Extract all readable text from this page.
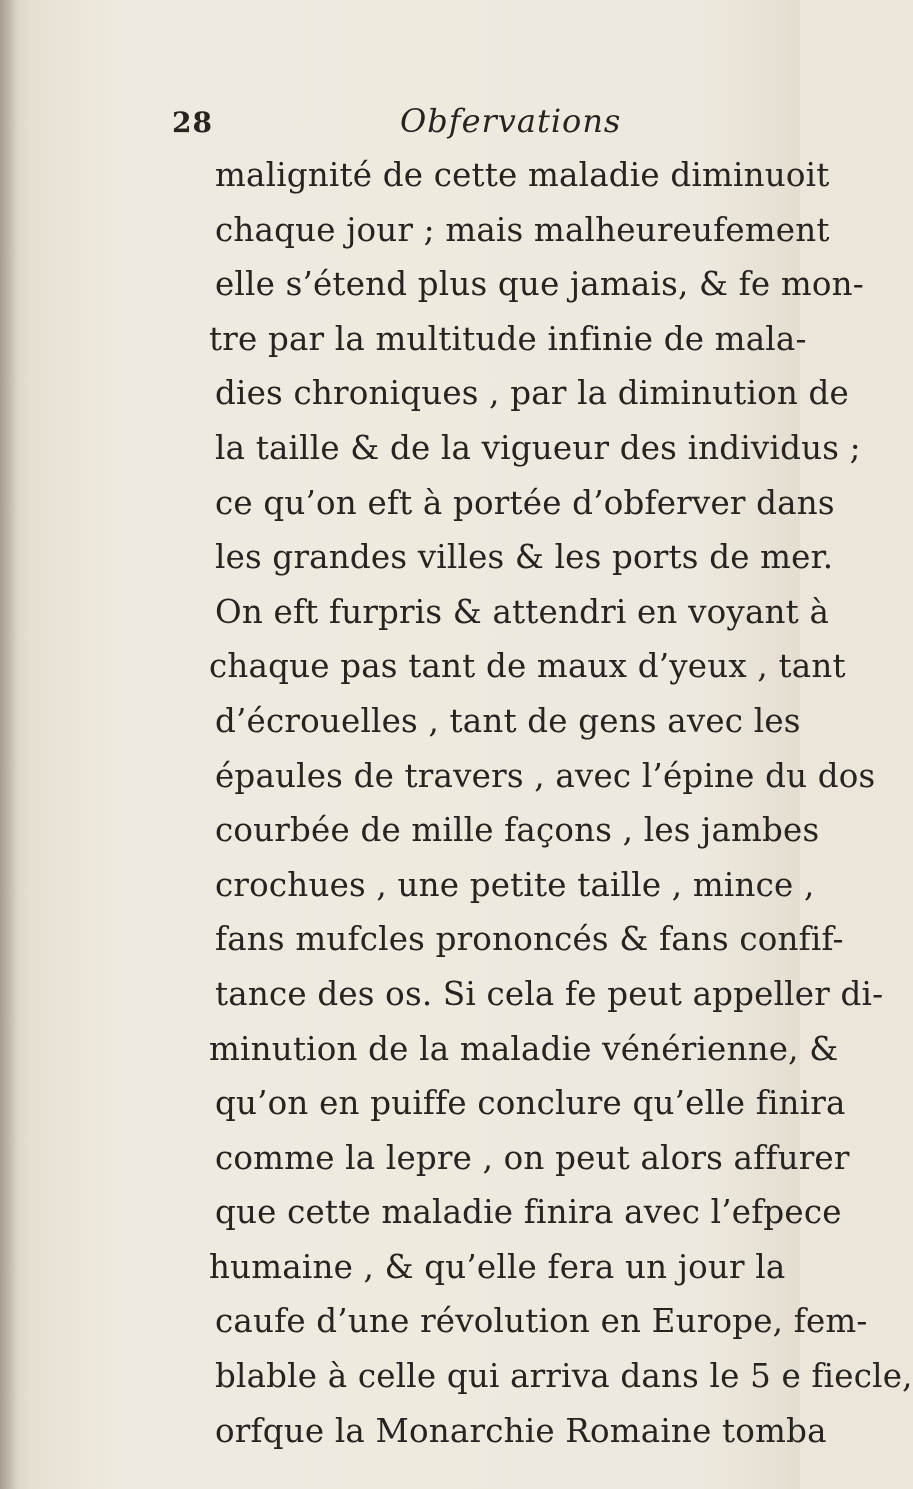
28	Obfervations
malignité de cette maladie diminuoit
chaque jour ; mais malheureufement
elle s’étend plus que jamais, & fe mon-
tre par la multitude infinie de mala-
dies chroniques , par la diminution de
la taille & de la vigueur des individus ;
ce qu’on eft à portée d’obferver dans
les grandes villes & les ports de mer.
On eft furpris & attendri en voyant à
chaque pas tant de maux d’yeux , tant
d’écrouelles , tant de gens avec les
épaules de travers , avec l’épine du dos
courbée de mille façons , les jambes
crochues , une petite taille , mince ,
fans mufcles prononcés & fans confif-
tance des os. Si cela fe peut appeller di-
minution de la maladie vénérienne, &
qu’on en puiffe conclure qu’elle finira
comme la lepre , on peut alors affurer
que cette maladie finira avec l’efpece
humaine , & qu’elle fera un jour la
caufe d’une révolution en Europe, fem-
blable à celle qui arriva dans le 5 e fiecle,
orfque la Monarchie Romaine tomba
